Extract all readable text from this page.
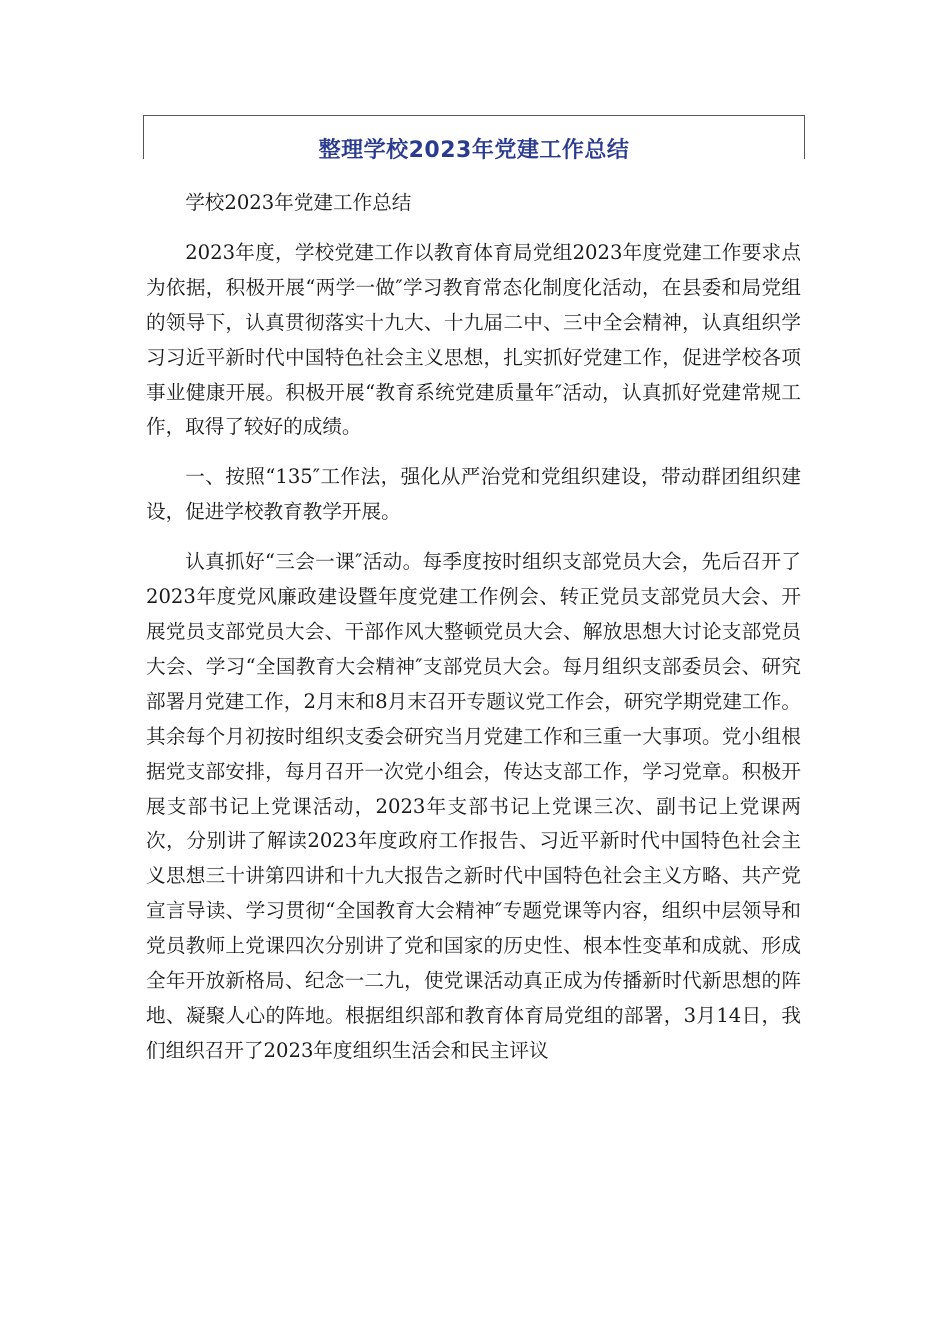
整理学校2023年党建工作总结

学校2023年党建工作总结

2023年度，学校党建工作以教育体育局党组2023年度党建工作要求点为依据，积极开展“两学一做″学习教育常态化制度化活动，在县委和局党组的领导下，认真贯彻落实十九大、十九届二中、三中全会精神，认真组织学习习近平新时代中国特色社会主义思想，扎实抓好党建工作，促进学校各项事业健康开展。积极开展“教育系统党建质量年″活动，认真抓好党建常规工作，取得了较好的成绩。

一、按照“135″工作法，强化从严治党和党组织建设，带动群团组织建设，促进学校教育教学开展。

认真抓好“三会一课″活动。每季度按时组织支部党员大会，先后召开了2023年度党风廉政建设暨年度党建工作例会、转正党员支部党员大会、开展党员支部党员大会、干部作风大整顿党员大会、解放思想大讨论支部党员大会、学习“全国教育大会精神″支部党员大会。每月组织支部委员会、研究部署月党建工作，2月末和8月末召开专题议党工作会，研究学期党建工作。其余每个月初按时组织支委会研究当月党建工作和三重一大事项。党小组根据党支部安排，每月召开一次党小组会，传达支部工作，学习党章。积极开展支部书记上党课活动，2023年支部书记上党课三次、副书记上党课两次，分别讲了解读2023年度政府工作报告、习近平新时代中国特色社会主义思想三十讲第四讲和十九大报告之新时代中国特色社会主义方略、共产党宣言导读、学习贯彻“全国教育大会精神″专题党课等内容，组织中层领导和党员教师上党课四次分别讲了党和国家的历史性、根本性变革和成就、形成全年开放新格局、纪念一二九，使党课活动真正成为传播新时代新思想的阵地、凝聚人心的阵地。根据组织部和教育体育局党组的部署，3月14日，我们组织召开了2023年度组织生活会和民主评议
